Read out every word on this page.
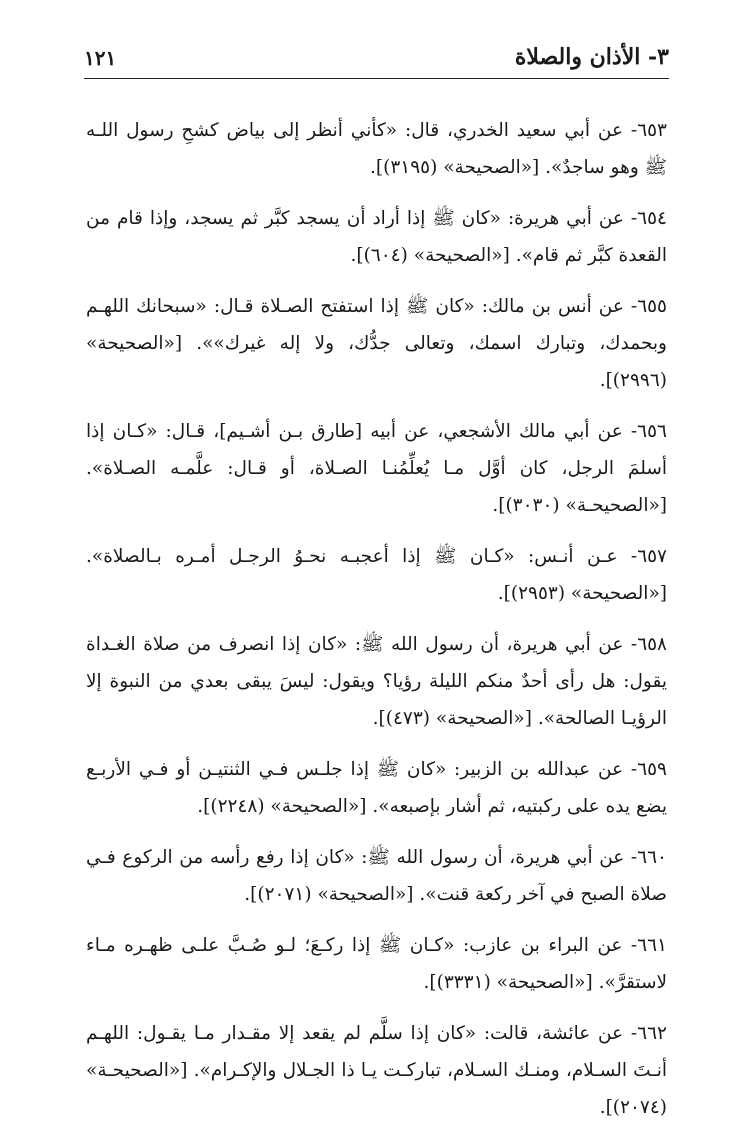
٣- الأذان والصلاة
١٢١

٦٥٣- عن أبي سعيد الخدري، قال: «كأني أنظر إلى بياض كشحِ رسول اللـه ﷺ وهو ساجدٌ». [«الصحيحة» (٣١٩٥)].

٦٥٤- عن أبي هريرة: «كان ﷺ إذا أراد أن يسجد كبَّر ثم يسجد، وإذا قام من القعدة كبَّر ثم قام». [«الصحيحة» (٦٠٤)].

٦٥٥- عن أنس بن مالك: «كان ﷺ إذا استفتح الصـلاة قـال: «سبحانك اللهـم وبحمدك، وتبارك اسمك، وتعالى جدُّك، ولا إله غيرك»». [«الصحيحة» (٢٩٩٦)].

٦٥٦- عن أبي مالك الأشجعي، عن أبيه [طارق بـن أشـيم]، قـال: «كـان إذا أسلمَ الرجل، كان أوَّل مـا يُعلِّمُنـا الصـلاة، أو قـال: علَّمـه الصـلاة». [«الصحيحـة» (٣٠٣٠)].

٦٥٧- عـن أنـس: «كـان ﷺ إذا أعجبـه نحـوُ الرجـل أمـره بـالصلاة». [«الصحيحة» (٢٩٥٣)].

٦٥٨- عن أبي هريرة، أن رسول الله ﷺ: «كان إذا انصرف من صلاة الغـداة يقول: هل رأى أحدٌ منكم الليلة رؤيا؟ ويقول: ليسَ يبقى بعدي من النبوة إلا الرؤيـا الصالحة». [«الصحيحة» (٤٧٣)].

٦٥٩- عن عبدالله بن الزبير: «كان ﷺ إذا جلـس فـي الثنتيـن أو فـي الأربـع يضع يده على ركبتيه، ثم أشار بإصبعه». [«الصحيحة» (٢٢٤٨)].

٦٦٠- عن أبي هريرة، أن رسول الله ﷺ: «كان إذا رفع رأسه من الركوع فـي صلاة الصبح في آخر ركعة قنت». [«الصحيحة» (٢٠٧١)].

٦٦١- عن البراء بن عازب: «كـان ﷺ إذا ركـعَ؛ لـو صُـبَّ علـى ظهـره مـاء لاستقرَّ». [«الصحيحة» (٣٣٣١)].

٦٦٢- عن عائشة، قالت: «كان إذا سلَّم لم يقعد إلا مقـدار مـا يقـول: اللهـم أنـتَ السـلام، ومنـك السـلام، تباركـت يـا ذا الجـلال والإكـرام». [«الصحيحـة» (٢٠٧٤)].
